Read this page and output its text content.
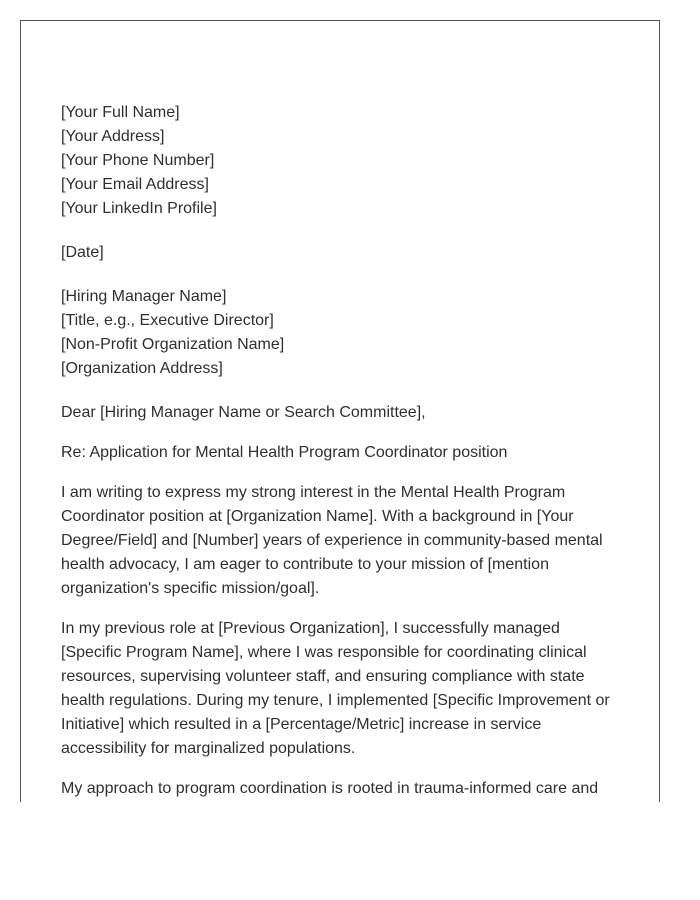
[Your Full Name]
[Your Address]
[Your Phone Number]
[Your Email Address]
[Your LinkedIn Profile]
[Date]
[Hiring Manager Name]
[Title, e.g., Executive Director]
[Non-Profit Organization Name]
[Organization Address]
Dear [Hiring Manager Name or Search Committee],
Re: Application for Mental Health Program Coordinator position
I am writing to express my strong interest in the Mental Health Program
Coordinator position at [Organization Name]. With a background in [Your
Degree/Field] and [Number] years of experience in community-based mental
health advocacy, I am eager to contribute to your mission of [mention
organization's specific mission/goal].
In my previous role at [Previous Organization], I successfully managed
[Specific Program Name], where I was responsible for coordinating clinical
resources, supervising volunteer staff, and ensuring compliance with state
health regulations. During my tenure, I implemented [Specific Improvement or
Initiative] which resulted in a [Percentage/Metric] increase in service
accessibility for marginalized populations.
My approach to program coordination is rooted in trauma-informed care and
